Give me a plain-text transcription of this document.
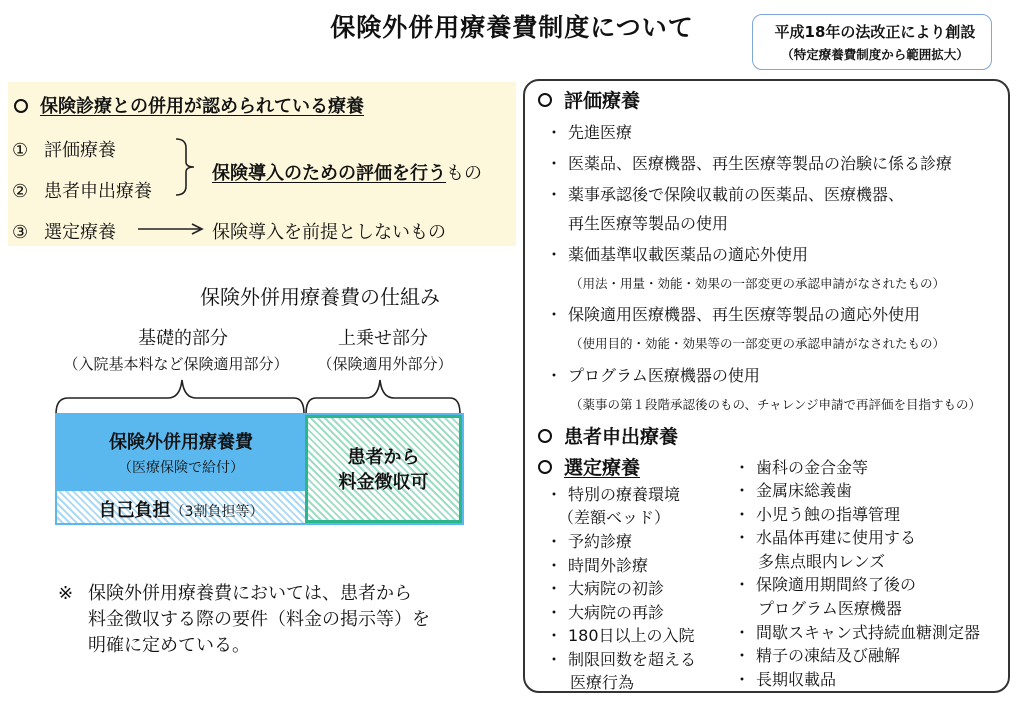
保険外併用療養費制度について	平成18年の法改正により創設
（特定療養費制度から範囲拡大）
保険診療との併用が認められている療養
① 評価療養
② 患者申出療養
③ 選定療養
保険導入のための評価を行うもの
保険導入を前提としないもの
保険外併用療養費の仕組み
基礎的部分
（入院基本料など保険適用部分）
上乗せ部分
（保険適用外部分）
保険外併用療養費
（医療保険で給付）
自己負担（3割負担等）
患者から
料金徴収可
※ 保険外併用療養費においては、患者から
料金徴収する際の要件（料金の掲示等）を
明確に定めている。
評価療養
・ 先進医療
・ 医薬品、医療機器、再生医療等製品の治験に係る診療
・ 薬事承認後で保険収載前の医薬品、医療機器、
再生医療等製品の使用
・ 薬価基準収載医薬品の適応外使用
（用法・用量・効能・効果の一部変更の承認申請がなされたもの）
・ 保険適用医療機器、再生医療等製品の適応外使用
（使用目的・効能・効果等の一部変更の承認申請がなされたもの）
・ プログラム医療機器の使用
（薬事の第１段階承認後のもの、チャレンジ申請で再評価を目指すもの）
患者申出療養
選定療養
・ 特別の療養環境
（差額ベッド）
・ 予約診療
・ 時間外診療
・ 大病院の初診
・ 大病院の再診
・ 180日以上の入院
・ 制限回数を超える
医療行為
・ 歯科の金合金等
・ 金属床総義歯
・ 小児う蝕の指導管理
・ 水晶体再建に使用する
多焦点眼内レンズ
・ 保険適用期間終了後の
プログラム医療機器
・ 間歇スキャン式持続血糖測定器
・ 精子の凍結及び融解
・ 長期収載品
